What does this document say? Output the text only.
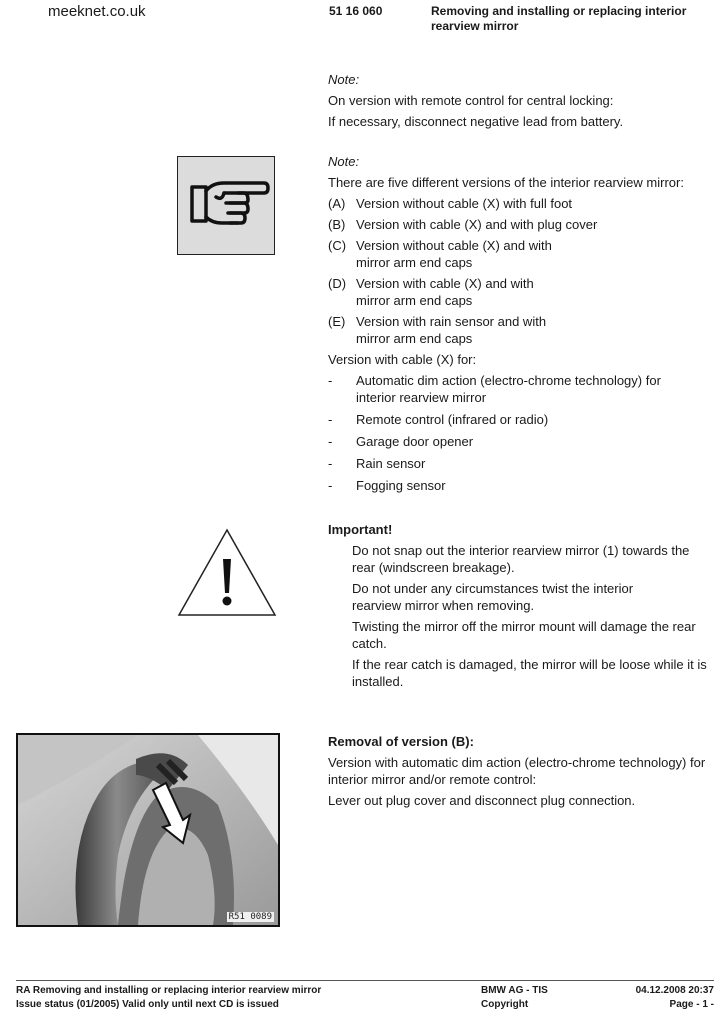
meeknet.co.uk	51 16 060	Removing and installing or replacing interior rearview mirror

Note:

On version with remote control for central locking:

If necessary, disconnect negative lead from battery.

Note:

There are five different versions of the interior rearview mirror:

(A) Version without cable (X) with full foot
(B) Version with cable (X) and with plug cover
(C) Version without cable (X) and with mirror arm end caps
(D) Version with cable (X) and with mirror arm end caps
(E) Version with rain sensor and with mirror arm end caps

Version with cable (X) for:

-	Automatic dim action (electro-chrome technology) for interior rearview mirror
-	Remote control (infrared or radio)
-	Garage door opener
-	Rain sensor
-	Fogging sensor

Important!

Do not snap out the interior rearview mirror (1) towards the rear (windscreen breakage).

Do not under any circumstances twist the interior rearview mirror when removing.

Twisting the mirror off the mirror mount will damage the rear catch.

If the rear catch is damaged, the mirror will be loose while it is installed.

R51 0089

Removal of version (B):

Version with automatic dim action (electro-chrome technology) for interior mirror and/or remote control:

Lever out plug cover and disconnect plug connection.

RA Removing and installing or replacing interior rearview mirror
Issue status (01/2005) Valid only until next CD is issued
BMW AG - TIS
Copyright
04.12.2008 20:37
Page - 1 -
